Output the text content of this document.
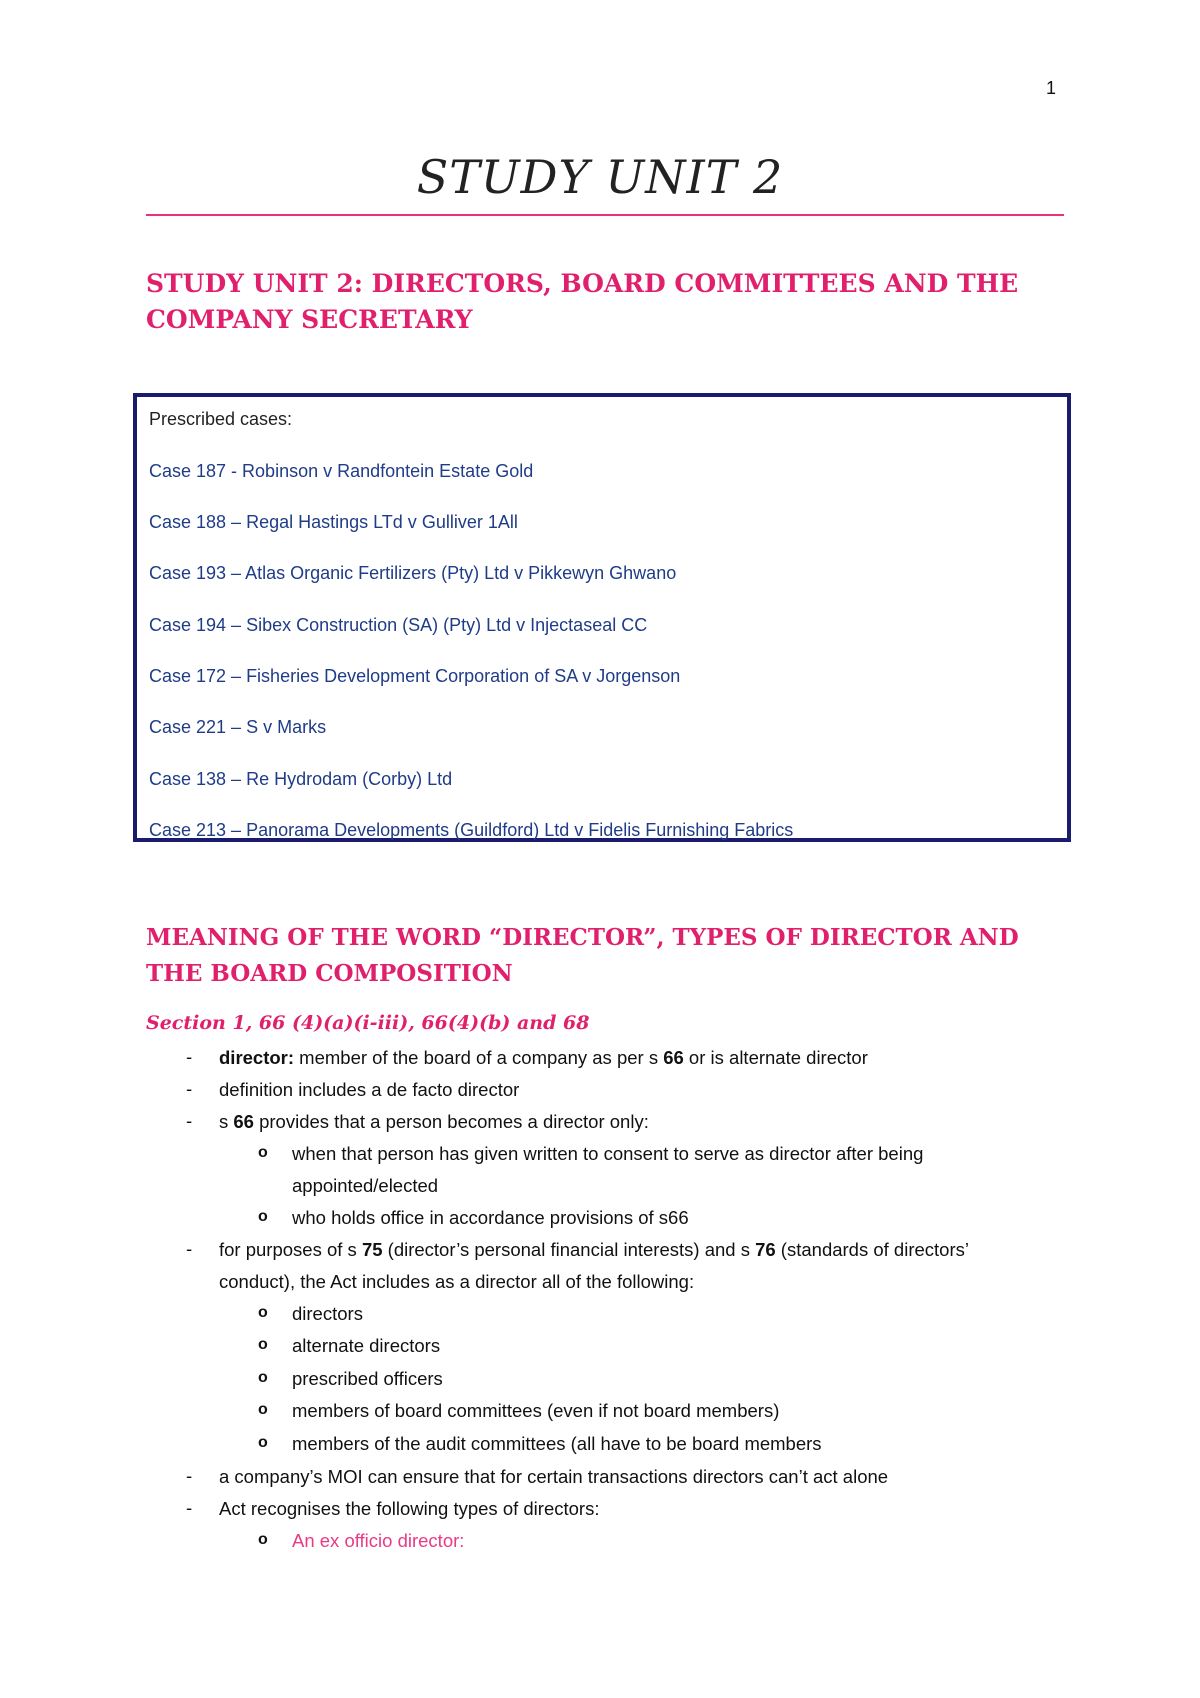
1
STUDY UNIT 2
STUDY UNIT 2: DIRECTORS, BOARD COMMITTEES AND THE COMPANY SECRETARY
Prescribed cases:
Case 187 - Robinson v Randfontein Estate Gold
Case 188 – Regal Hastings LTd v Gulliver 1All
Case 193 – Atlas Organic Fertilizers (Pty) Ltd v Pikkewyn Ghwano
Case 194 – Sibex Construction (SA) (Pty) Ltd v Injectaseal CC
Case 172 – Fisheries Development Corporation of SA v Jorgenson
Case 221 – S v Marks
Case 138 – Re Hydrodam (Corby) Ltd
Case 213 – Panorama Developments (Guildford) Ltd v Fidelis Furnishing Fabrics
MEANING OF THE WORD “DIRECTOR”, TYPES OF DIRECTOR AND THE BOARD COMPOSITION
Section 1, 66 (4)(a)(i-iii), 66(4)(b) and 68
- director: member of the board of a company as per s 66 or is alternate director
- definition includes a de facto director
- s 66 provides that a person becomes a director only:
o when that person has given written to consent to serve as director after being
appointed/elected
o who holds office in accordance provisions of s66
- for purposes of s 75 (director’s personal financial interests) and s 76 (standards of directors’
conduct), the Act includes as a director all of the following:
o directors
o alternate directors
o prescribed officers
o members of board committees (even if not board members)
o members of the audit committees (all have to be board members
- a company’s MOI can ensure that for certain transactions directors can’t act alone
- Act recognises the following types of directors:
o An ex officio director:
